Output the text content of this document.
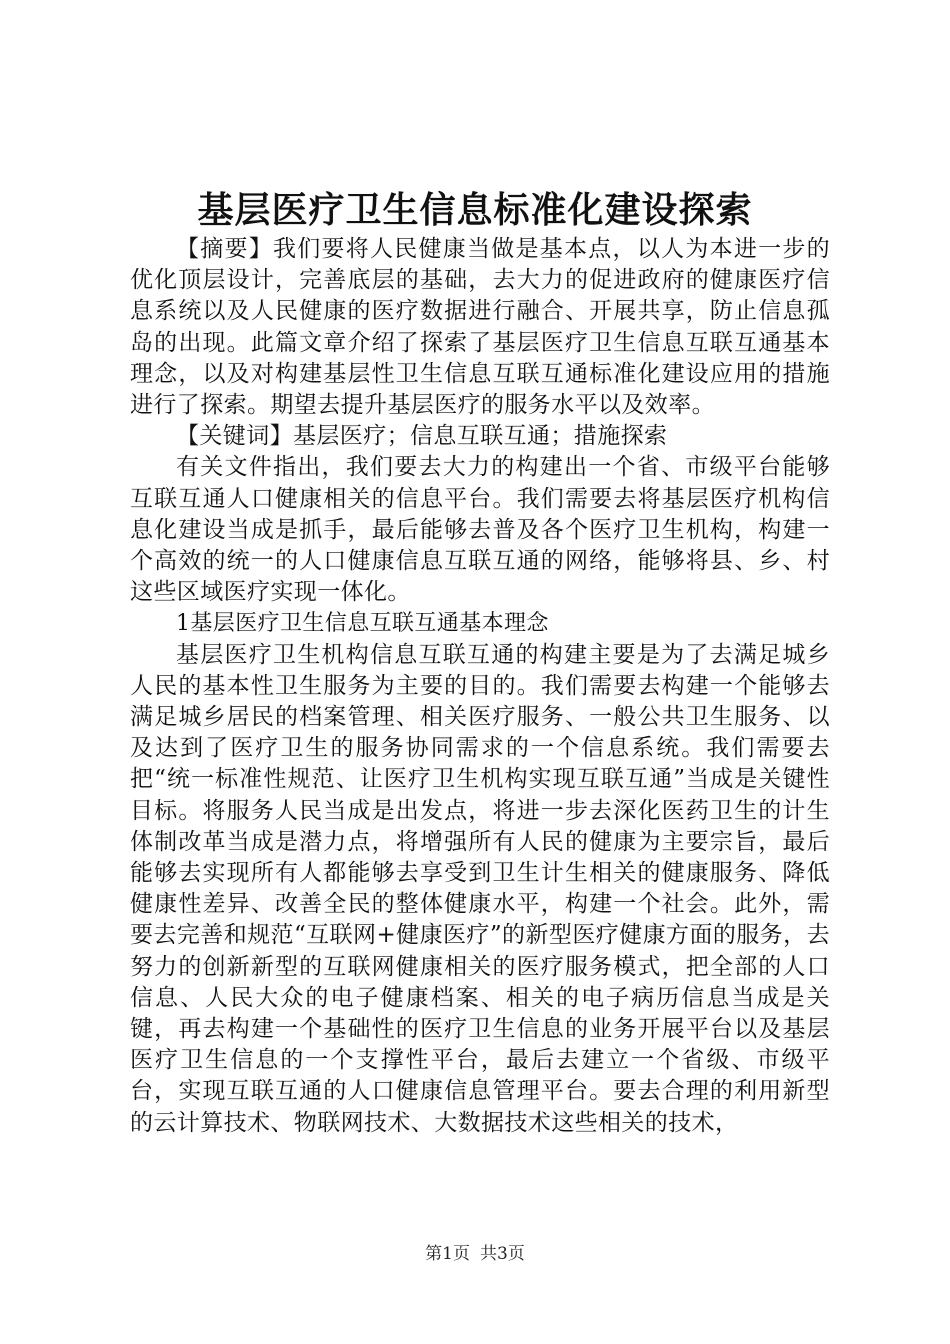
基层医疗卫生信息标准化建设探索

【摘要】我们要将人民健康当做是基本点，以人为本进一步的优化顶层设计，完善底层的基础，去大力的促进政府的健康医疗信息系统以及人民健康的医疗数据进行融合、开展共享，防止信息孤岛的出现。此篇文章介绍了探索了基层医疗卫生信息互联互通基本理念，以及对构建基层性卫生信息互联互通标准化建设应用的措施进行了探索。期望去提升基层医疗的服务水平以及效率。

【关键词】基层医疗；信息互联互通；措施探索

有关文件指出，我们要去大力的构建出一个省、市级平台能够互联互通人口健康相关的信息平台。我们需要去将基层医疗机构信息化建设当成是抓手，最后能够去普及各个医疗卫生机构，构建一个高效的统一的人口健康信息互联互通的网络，能够将县、乡、村这些区域医疗实现一体化。

1基层医疗卫生信息互联互通基本理念

基层医疗卫生机构信息互联互通的构建主要是为了去满足城乡人民的基本性卫生服务为主要的目的。我们需要去构建一个能够去满足城乡居民的档案管理、相关医疗服务、一般公共卫生服务、以及达到了医疗卫生的服务协同需求的一个信息系统。我们需要去把“统一标准性规范、让医疗卫生机构实现互联互通”当成是关键性目标。将服务人民当成是出发点，将进一步去深化医药卫生的计生体制改革当成是潜力点，将增强所有人民的健康为主要宗旨，最后能够去实现所有人都能够去享受到卫生计生相关的健康服务、降低健康性差异、改善全民的整体健康水平，构建一个社会。此外，需要去完善和规范“互联网+健康医疗”的新型医疗健康方面的服务，去努力的创新新型的互联网健康相关的医疗服务模式，把全部的人口信息、人民大众的电子健康档案、相关的电子病历信息当成是关键，再去构建一个基础性的医疗卫生信息的业务开展平台以及基层医疗卫生信息的一个支撑性平台，最后去建立一个省级、市级平台，实现互联互通的人口健康信息管理平台。要去合理的利用新型的云计算技术、物联网技术、大数据技术这些相关的技术，

第1页 共3页
